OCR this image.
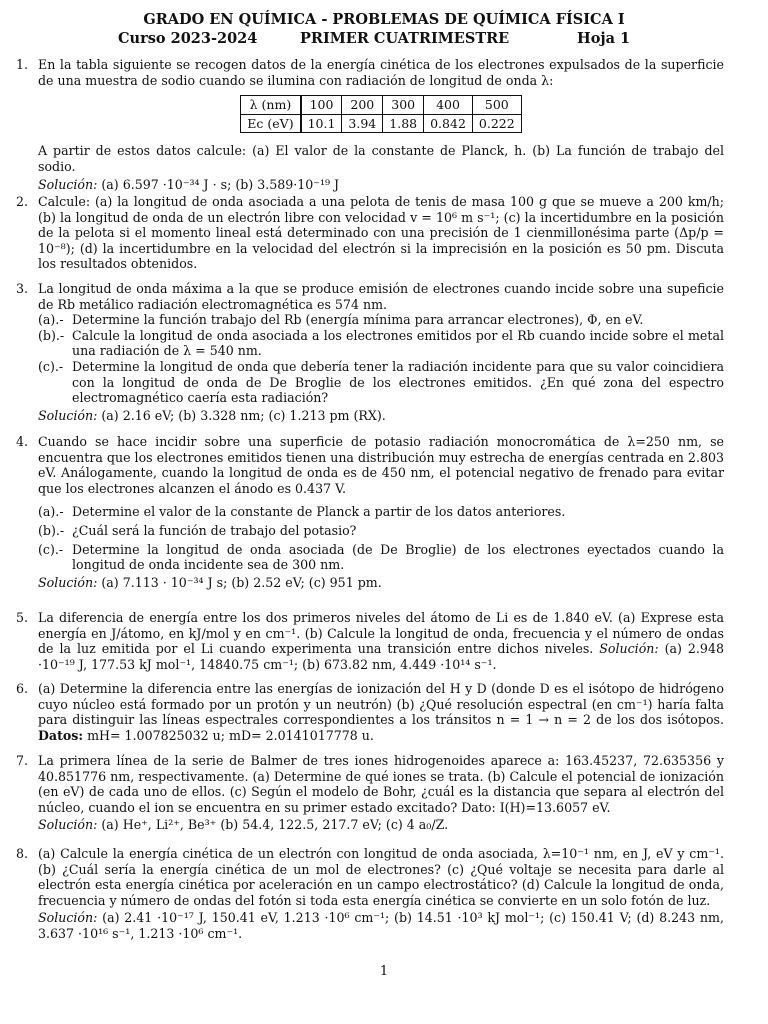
GRADO EN QUÍMICA - PROBLEMAS DE QUÍMICA FÍSICA I
Curso 2023-2024	PRIMER CUATRIMESTRE	Hoja 1
1. En la tabla siguiente se recogen datos de la energía cinética de los electrones expulsados de la superficie de una muestra de sodio cuando se ilumina con radiación de longitud de onda λ:

λ (nm)	100	200	300	400	500
Ec (eV)	10.1	3.94	1.88	0.842	0.222

A partir de estos datos calcule: (a) El valor de la constante de Planck, h. (b) La función de trabajo del sodio.

Solución: (a) 6.597 ·10⁻³⁴ J · s; (b) 3.589·10⁻¹⁹ J

2. Calcule: (a) la longitud de onda asociada a una pelota de tenis de masa 100 g que se mueve a 200 km/h; (b) la longitud de onda de un electrón libre con velocidad v = 10⁶ m s⁻¹; (c) la incertidumbre en la posición de la pelota si el momento lineal está determinado con una precisión de 1 cienmillonésima parte (Δp/p = 10⁻⁸); (d) la incertidumbre en la velocidad del electrón si la imprecisión en la posición es 50 pm. Discuta los resultados obtenidos.

3. La longitud de onda máxima a la que se produce emisión de electrones cuando incide sobre una supeficie de Rb metálico radiación electromagnética es 574 nm.

(a).- Determine la función trabajo del Rb (energía mínima para arrancar electrones), Φ, en eV.

(b).- Calcule la longitud de onda asociada a los electrones emitidos por el Rb cuando incide sobre el metal una radiación de λ = 540 nm.

(c).- Determine la longitud de onda que debería tener la radiación incidente para que su valor coincidiera con la longitud de onda de De Broglie de los electrones emitidos. ¿En qué zona del espectro electromagnético caería esta radiación?

Solución: (a) 2.16 eV; (b) 3.328 nm; (c) 1.213 pm (RX).

4. Cuando se hace incidir sobre una superficie de potasio radiación monocromática de λ=250 nm, se encuentra que los electrones emitidos tienen una distribución muy estrecha de energías centrada en 2.803 eV. Análogamente, cuando la longitud de onda es de 450 nm, el potencial negativo de frenado para evitar que los electrones alcanzen el ánodo es 0.437 V.

(a).- Determine el valor de la constante de Planck a partir de los datos anteriores.

(b).- ¿Cuál será la función de trabajo del potasio?

(c).- Determine la longitud de onda asociada (de De Broglie) de los electrones eyectados cuando la longitud de onda incidente sea de 300 nm.

Solución: (a) 7.113 · 10⁻³⁴ J s; (b) 2.52 eV; (c) 951 pm.

5. La diferencia de energía entre los dos primeros niveles del átomo de Li es de 1.840 eV. (a) Exprese esta energía en J/átomo, en kJ/mol y en cm⁻¹. (b) Calcule la longitud de onda, frecuencia y el número de ondas de la luz emitida por el Li cuando experimenta una transición entre dichos niveles. Solución: (a) 2.948 ·10⁻¹⁹ J, 177.53 kJ mol⁻¹, 14840.75 cm⁻¹; (b) 673.82 nm, 4.449 ·10¹⁴ s⁻¹.

6. (a) Determine la diferencia entre las energías de ionización del H y D (donde D es el isótopo de hidrógeno cuyo núcleo está formado por un protón y un neutrón) (b) ¿Qué resolución espectral (en cm⁻¹) haría falta para distinguir las líneas espectrales correspondientes a los tránsitos n = 1 → n = 2 de los dos isótopos. Datos: mH= 1.007825032 u; mD= 2.0141017778 u.

7. La primera línea de la serie de Balmer de tres iones hidrogenoides aparece a: 163.45237, 72.635356 y 40.851776 nm, respectivamente. (a) Determine de qué iones se trata. (b) Calcule el potencial de ionización (en eV) de cada uno de ellos. (c) Según el modelo de Bohr, ¿cuál es la distancia que separa al electrón del núcleo, cuando el ion se encuentra en su primer estado excitado? Dato: I(H)=13.6057 eV.

Solución: (a) He⁺, Li²⁺, Be³⁺ (b) 54.4, 122.5, 217.7 eV; (c) 4 a₀/Z.

8. (a) Calcule la energía cinética de un electrón con longitud de onda asociada, λ=10⁻¹ nm, en J, eV y cm⁻¹. (b) ¿Cuál sería la energía cinética de un mol de electrones? (c) ¿Qué voltaje se necesita para darle al electrón esta energía cinética por aceleración en un campo electrostático? (d) Calcule la longitud de onda, frecuencia y número de ondas del fotón si toda esta energía cinética se convierte en un solo fotón de luz.

Solución: (a) 2.41 ·10⁻¹⁷ J, 150.41 eV, 1.213 ·10⁶ cm⁻¹; (b) 14.51 ·10³ kJ mol⁻¹; (c) 150.41 V; (d) 8.243 nm, 3.637 ·10¹⁶ s⁻¹, 1.213 ·10⁶ cm⁻¹.

1
